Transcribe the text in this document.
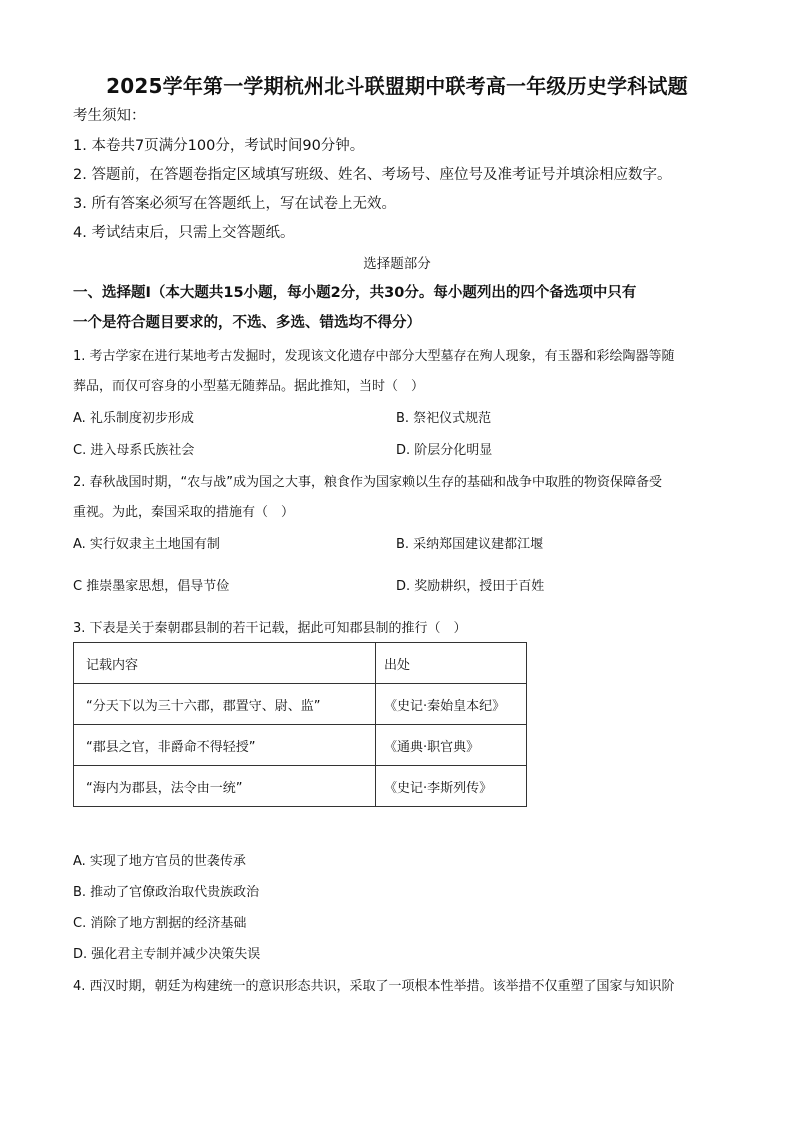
2025学年第一学期杭州北斗联盟期中联考高一年级历史学科试题
考生须知：
1. 本卷共7页满分100分，考试时间90分钟。
2. 答题前，在答题卷指定区域填写班级、姓名、考场号、座位号及准考证号并填涂相应数字。
3. 所有答案必须写在答题纸上，写在试卷上无效。
4. 考试结束后，只需上交答题纸。
选择题部分
一、选择题Ⅰ（本大题共15小题，每小题2分，共30分。每小题列出的四个备选项中只有
一个是符合题目要求的，不选、多选、错选均不得分）
1. 考古学家在进行某地考古发掘时，发现该文化遗存中部分大型墓存在殉人现象，有玉器和彩绘陶器等随
葬品，而仅可容身的小型墓无随葬品。据此推知，当时（　）
A. 礼乐制度初步形成	B. 祭祀仪式规范
C. 进入母系氏族社会	D. 阶层分化明显
2. 春秋战国时期，“农与战”成为国之大事，粮食作为国家赖以生存的基础和战争中取胜的物资保障备受
重视。为此，秦国采取的措施有（　）
A. 实行奴隶主土地国有制	B. 采纳郑国建议建都江堰
C 推崇墨家思想，倡导节俭	D. 奖励耕织，授田于百姓
3. 下表是关于秦朝郡县制的若干记载，据此可知郡县制的推行（　）
记载内容	出处
“分天下以为三十六郡，郡置守、尉、监”	《史记·秦始皇本纪》
“郡县之官，非爵命不得轻授”	《通典·职官典》
“海内为郡县，法令由一统”	《史记·李斯列传》
A. 实现了地方官员的世袭传承
B. 推动了官僚政治取代贵族政治
C. 消除了地方割据的经济基础
D. 强化君主专制并减少决策失误
4. 西汉时期，朝廷为构建统一的意识形态共识，采取了一项根本性举措。该举措不仅重塑了国家与知识阶
